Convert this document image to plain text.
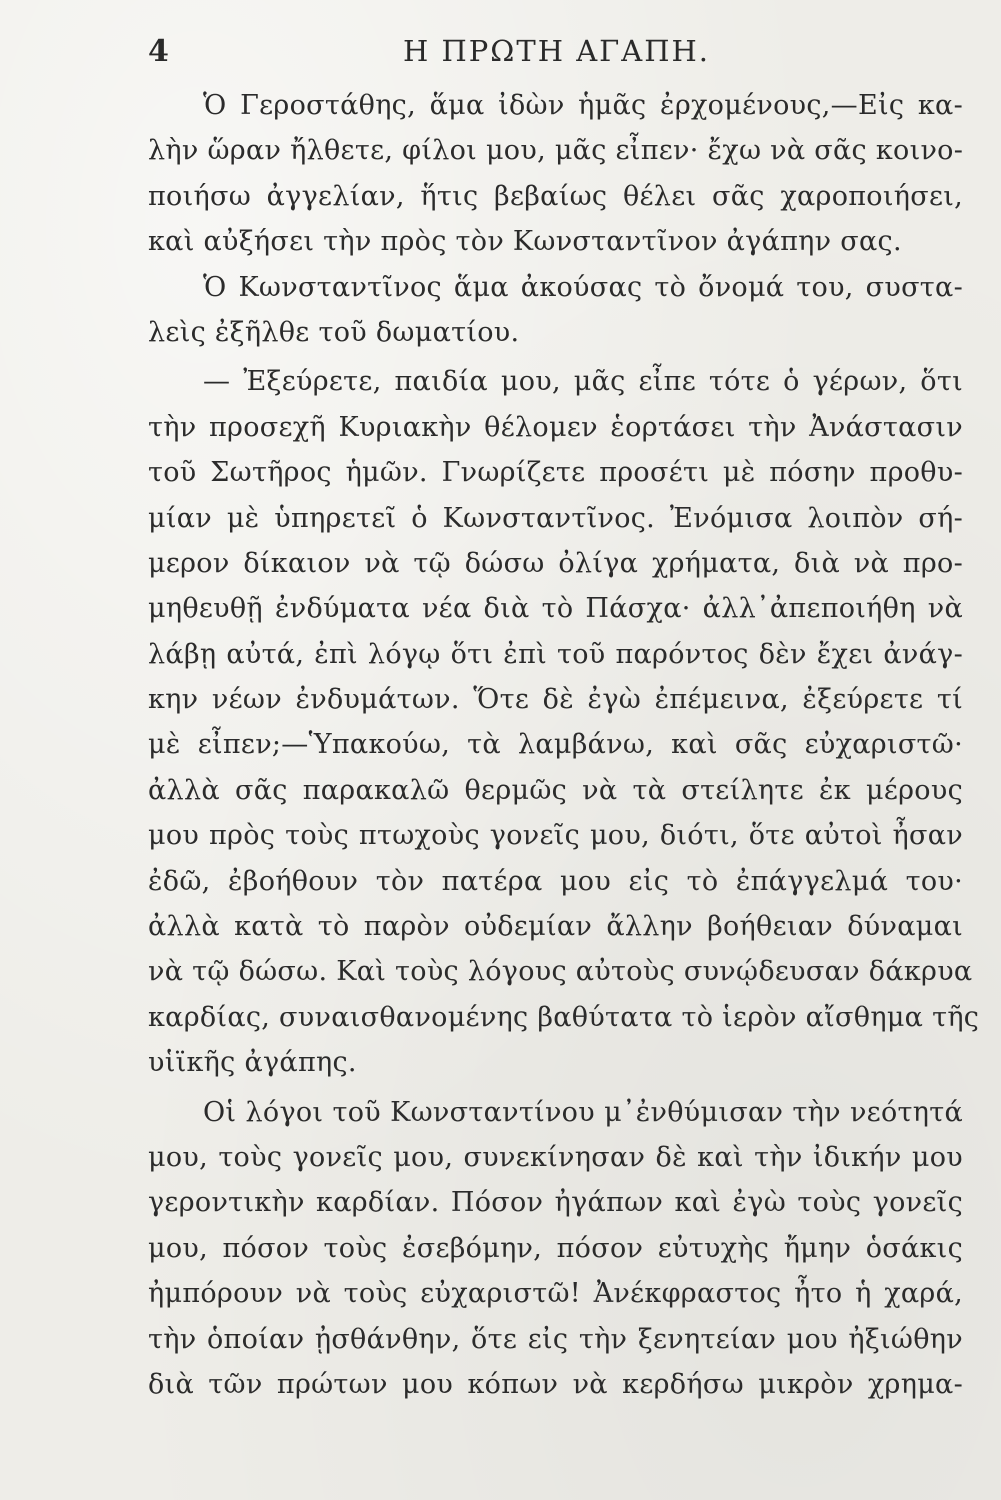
4	Η ΠΡΩΤΗ ΑΓΑΠΗ.
Ὁ Γεροστάθης, ἅμα ἰδὼν ἡμᾶς ἐρχομένους,—Εἰς κα-
λὴν ὥραν ἤλθετε, φίλοι μου, μᾶς εἶπεν· ἔχω νὰ σᾶς κοινο-
ποιήσω ἀγγελίαν, ἥτις βεβαίως θέλει σᾶς χαροποιήσει,
καὶ αὐξήσει τὴν πρὸς τὸν Κωνσταντῖνον ἀγάπην σας.
Ὁ Κωνσταντῖνος ἅμα ἀκούσας τὸ ὄνομά του, συστα-
λεὶς ἐξῆλθε τοῦ δωματίου.
— Ἐξεύρετε, παιδία μου, μᾶς εἶπε τότε ὁ γέρων, ὅτι
τὴν προσεχῆ Κυριακὴν θέλομεν ἑορτάσει τὴν Ἀνάστασιν
τοῦ Σωτῆρος ἡμῶν. Γνωρίζετε προσέτι μὲ πόσην προθυ-
μίαν μὲ ὑπηρετεῖ ὁ Κωνσταντῖνος. Ἐνόμισα λοιπὸν σή-
μερον δίκαιον νὰ τῷ δώσω ὀλίγα χρήματα, διὰ νὰ προ-
μηθευθῇ ἐνδύματα νέα διὰ τὸ Πάσχα· ἀλλ᾽ἀπεποιήθη νὰ
λάβῃ αὐτά, ἐπὶ λόγῳ ὅτι ἐπὶ τοῦ παρόντος δὲν ἔχει ἀνάγ-
κην νέων ἐνδυμάτων. Ὅτε δὲ ἐγὼ ἐπέμεινα, ἐξεύρετε τί
μὲ εἶπεν;—Ὑπακούω, τὰ λαμβάνω, καὶ σᾶς εὐχαριστῶ·
ἀλλὰ σᾶς παρακαλῶ θερμῶς νὰ τὰ στείλητε ἐκ μέρους
μου πρὸς τοὺς πτωχοὺς γονεῖς μου, διότι, ὅτε αὐτοὶ ἦσαν
ἐδῶ, ἐβοήθουν τὸν πατέρα μου εἰς τὸ ἐπάγγελμά του·
ἀλλὰ κατὰ τὸ παρὸν οὐδεμίαν ἄλλην βοήθειαν δύναμαι
νὰ τῷ δώσω. Καὶ τοὺς λόγους αὐτοὺς συνῴδευσαν δάκρυα
καρδίας, συναισθανομένης βαθύτατα τὸ ἱερὸν αἴσθημα τῆς
υἱϊκῆς ἀγάπης.
Οἱ λόγοι τοῦ Κωνσταντίνου μ᾽ἐνθύμισαν τὴν νεότητά
μου, τοὺς γονεῖς μου, συνεκίνησαν δὲ καὶ τὴν ἰδικήν μου
γεροντικὴν καρδίαν. Πόσον ἠγάπων καὶ ἐγὼ τοὺς γονεῖς
μου, πόσον τοὺς ἐσεβόμην, πόσον εὐτυχὴς ἤμην ὁσάκις
ἠμπόρουν νὰ τοὺς εὐχαριστῶ! Ἀνέκφραστος ἦτο ἡ χαρά,
τὴν ὁποίαν ᾐσθάνθην, ὅτε εἰς τὴν ξενητείαν μου ἠξιώθην
διὰ τῶν πρώτων μου κόπων νὰ κερδήσω μικρὸν χρημα-
